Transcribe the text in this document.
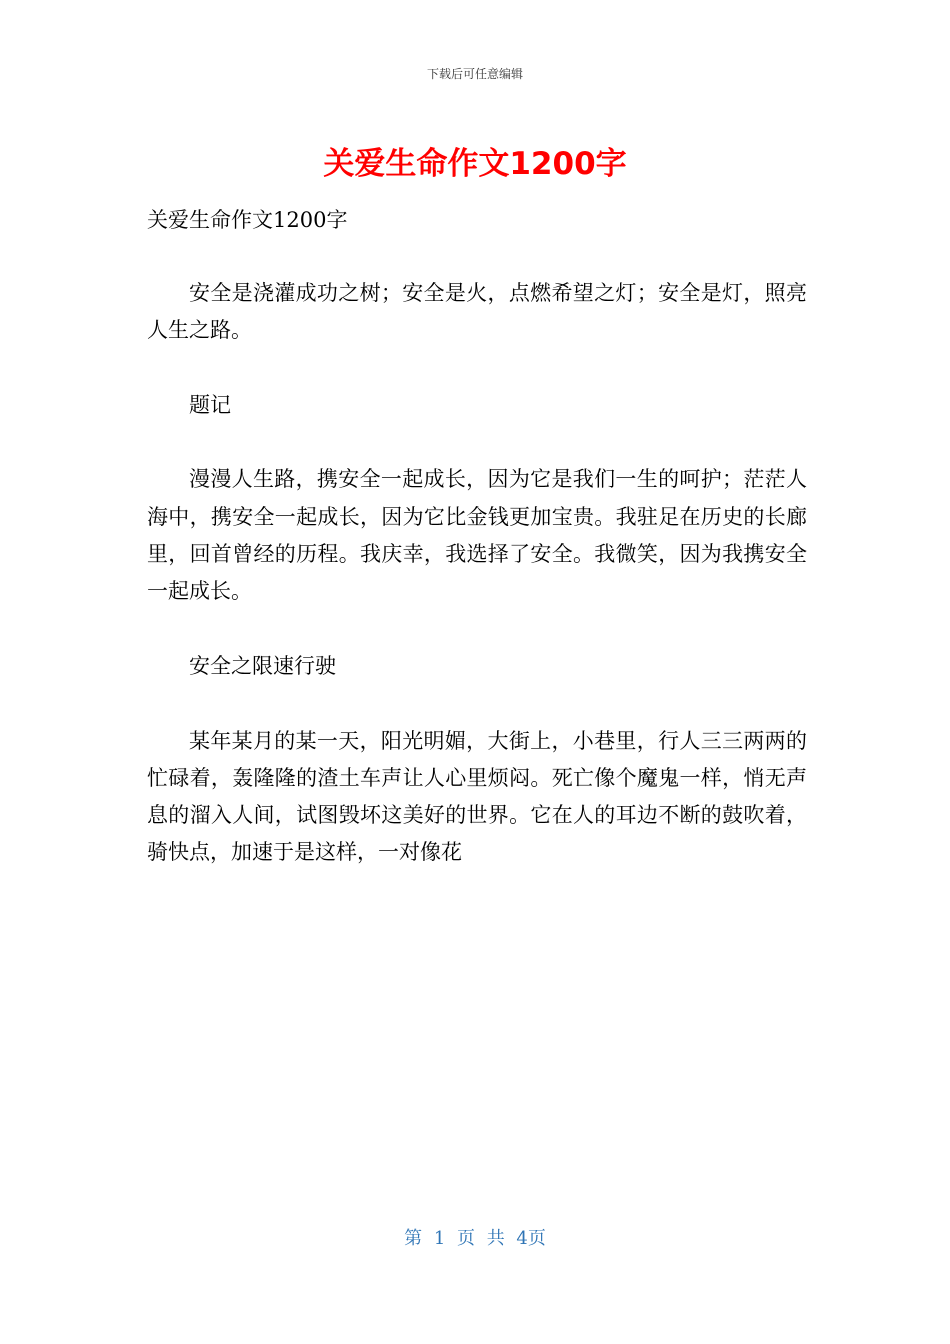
下载后可任意编辑
关爱生命作文1200字
关爱生命作文1200字

安全是浇灌成功之树；安全是火，点燃希望之灯；安全是灯，照亮人生之路。

题记

漫漫人生路，携安全一起成长，因为它是我们一生的呵护；茫茫人海中，携安全一起成长，因为它比金钱更加宝贵。我驻足在历史的长廊里，回首曾经的历程。我庆幸，我选择了安全。我微笑，因为我携安全一起成长。

安全之限速行驶

某年某月的某一天，阳光明媚，大街上，小巷里，行人三三两两的忙碌着，轰隆隆的渣土车声让人心里烦闷。死亡像个魔鬼一样，悄无声息的溜入人间，试图毁坏这美好的世界。它在人的耳边不断的鼓吹着，骑快点，加速于是这样，一对像花

第 1 页 共 4页
